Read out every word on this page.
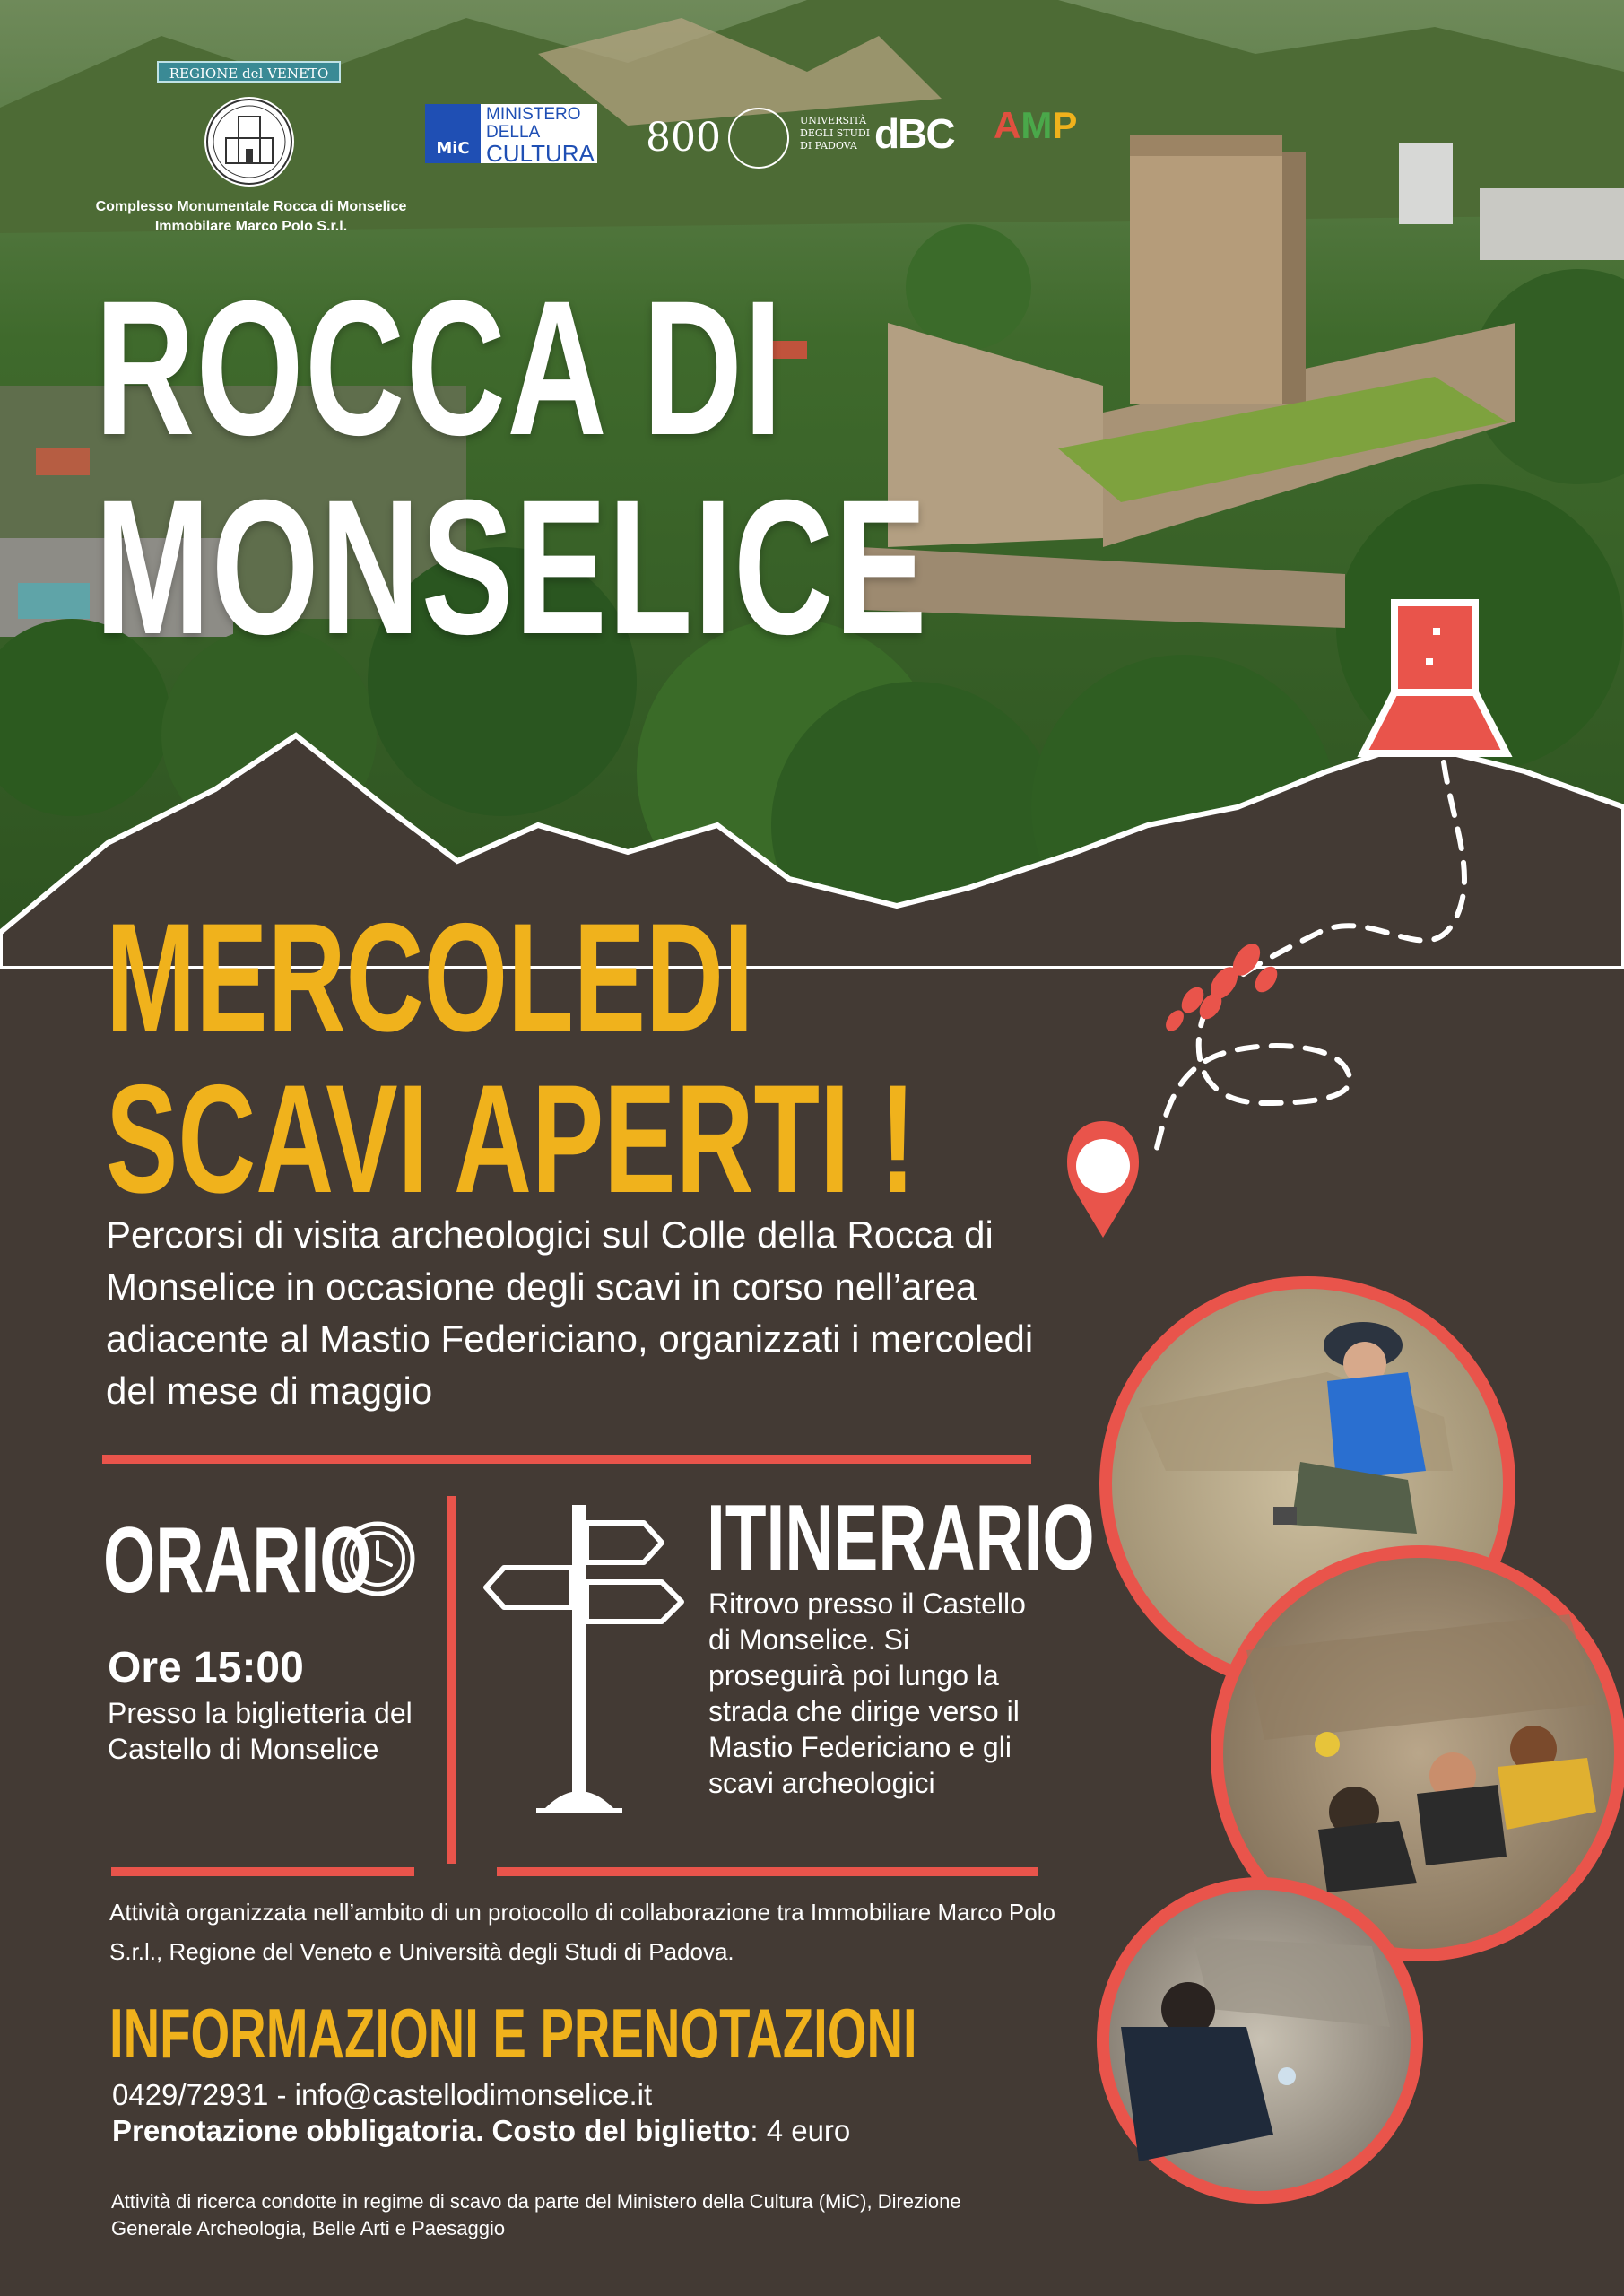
REGIONE del VENETO
Complesso Monumentale Rocca di Monselice
Immobilare Marco Polo S.r.l.
MiC
MINISTERO
DELLA
CULTURA 800	UNIVERSITÀ
DEGLI STUDI
DI PADOVA dBC AMP
ROCCA DI
MONSELICE
MERCOLEDI
SCAVI APERTI !
Percorsi di visita archeologici sul Colle della Rocca di Monselice in occasione degli scavi in corso nell’area adiacente al Mastio Federiciano, organizzati i mercoledi del mese di maggio
ORARIO
Ore 15:00
Presso la biglietteria del Castello di Monselice
ITINERARIO
Ritrovo presso il Castello di Monselice. Si proseguirà poi lungo la strada che dirige verso il Mastio Federiciano e gli scavi archeologici
Attività organizzata nell’ambito di un protocollo di collaborazione tra Immobiliare Marco Polo S.r.l., Regione del Veneto e Università degli Studi di Padova.
INFORMAZIONI E PRENOTAZIONI
0429/72931 - info@castellodimonselice.it
Prenotazione obbligatoria. Costo del biglietto: 4 euro
Attività di ricerca condotte in regime di scavo da parte del Ministero della Cultura (MiC), Direzione Generale Archeologia, Belle Arti e Paesaggio
